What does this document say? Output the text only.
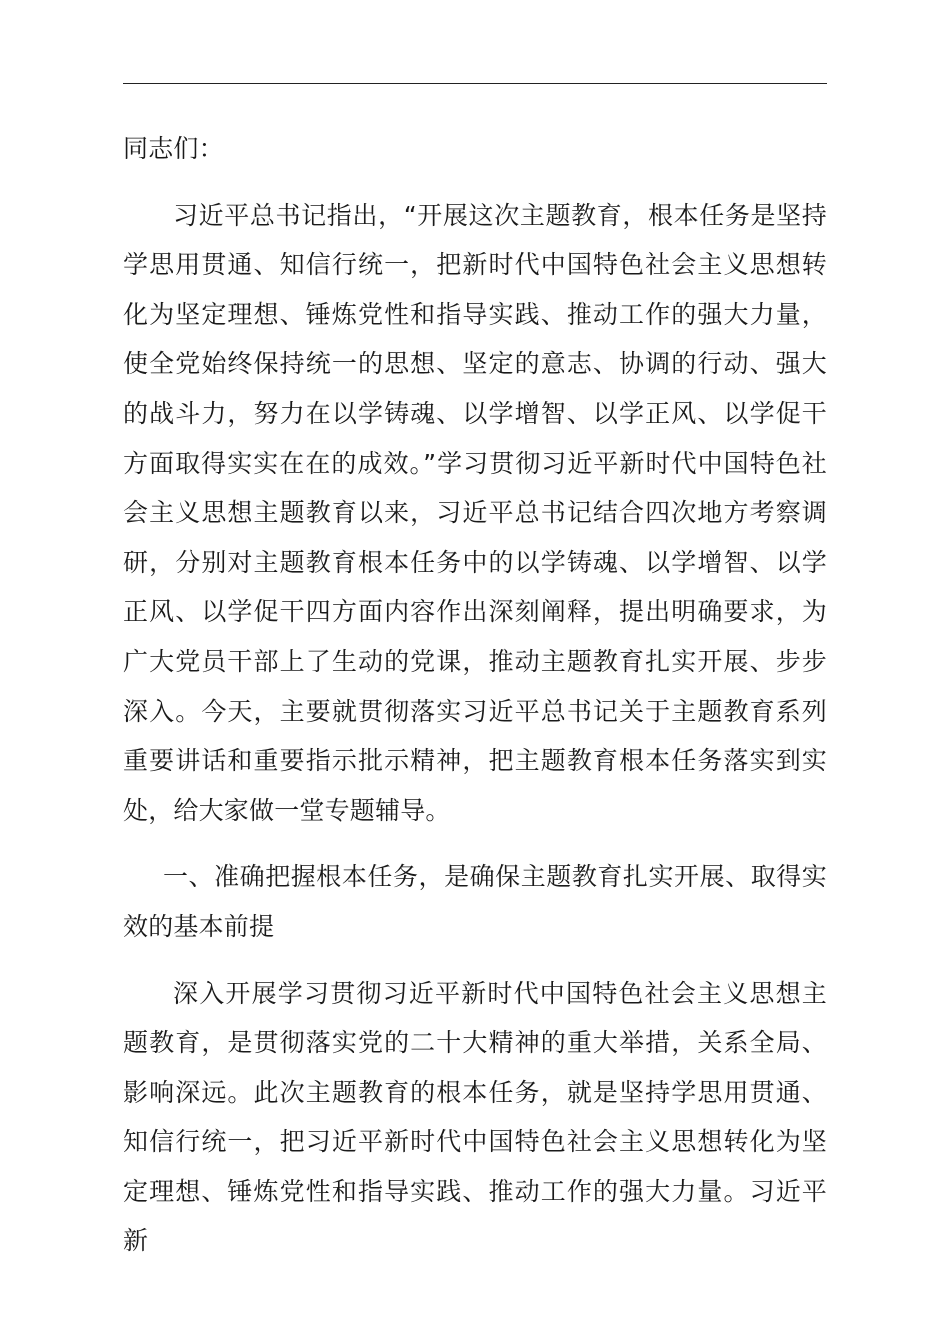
同志们：

习近平总书记指出，“开展这次主题教育，根本任务是坚持学思用贯通、知信行统一，把新时代中国特色社会主义思想转化为坚定理想、锤炼党性和指导实践、推动工作的强大力量，使全党始终保持统一的思想、坚定的意志、协调的行动、强大的战斗力，努力在以学铸魂、以学增智、以学正风、以学促干方面取得实实在在的成效。”学习贯彻习近平新时代中国特色社会主义思想主题教育以来，习近平总书记结合四次地方考察调研，分别对主题教育根本任务中的以学铸魂、以学增智、以学正风、以学促干四方面内容作出深刻阐释，提出明确要求，为广大党员干部上了生动的党课，推动主题教育扎实开展、步步深入。今天，主要就贯彻落实习近平总书记关于主题教育系列重要讲话和重要指示批示精神，把主题教育根本任务落实到实处，给大家做一堂专题辅导。

一、准确把握根本任务，是确保主题教育扎实开展、取得实效的基本前提

深入开展学习贯彻习近平新时代中国特色社会主义思想主题教育，是贯彻落实党的二十大精神的重大举措，关系全局、影响深远。此次主题教育的根本任务，就是坚持学思用贯通、知信行统一，把习近平新时代中国特色社会主义思想转化为坚定理想、锤炼党性和指导实践、推动工作的强大力量。习近平新
